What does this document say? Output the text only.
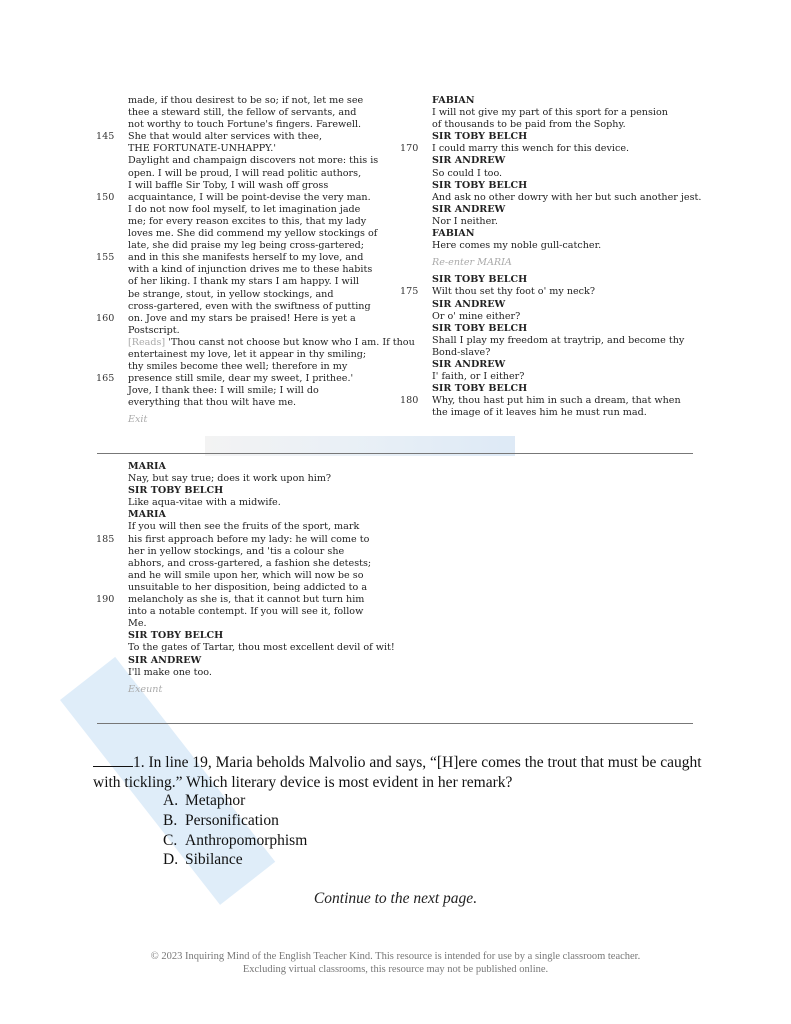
made, if thou desirest to be so; if not, let me see
thee a steward still, the fellow of servants, and
not worthy to touch Fortune's fingers. Farewell.
145 She that would alter services with thee,
THE FORTUNATE-UNHAPPY.'
Daylight and champaign discovers not more: this is
open. I will be proud, I will read politic authors,
I will baffle Sir Toby, I will wash off gross
150 acquaintance, I will be point-devise the very man.
I do not now fool myself, to let imagination jade
me; for every reason excites to this, that my lady
loves me. She did commend my yellow stockings of
late, she did praise my leg being cross-gartered;
155 and in this she manifests herself to my love, and
with a kind of injunction drives me to these habits
of her liking. I thank my stars I am happy. I will
be strange, stout, in yellow stockings, and
cross-gartered, even with the swiftness of putting
160 on. Jove and my stars be praised! Here is yet a
Postscript.
[Reads] 'Thou canst not choose but know who I am. If thou
entertainest my love, let it appear in thy smiling;
thy smiles become thee well; therefore in my
165 presence still smile, dear my sweet, I prithee.'
Jove, I thank thee: I will smile; I will do
everything that thou wilt have me.
Exit
FABIAN
I will not give my part of this sport for a pension
of thousands to be paid from the Sophy.
SIR TOBY BELCH
170 I could marry this wench for this device.
SIR ANDREW
So could I too.
SIR TOBY BELCH
And ask no other dowry with her but such another jest.
SIR ANDREW
Nor I neither.
FABIAN
Here comes my noble gull-catcher.
Re-enter MARIA
SIR TOBY BELCH
175 Wilt thou set thy foot o' my neck?
SIR ANDREW
Or o' mine either?
SIR TOBY BELCH
Shall I play my freedom at traytrip, and become thy
Bond-slave?
SIR ANDREW
I' faith, or I either?
SIR TOBY BELCH
180 Why, thou hast put him in such a dream, that when
the image of it leaves him he must run mad.
MARIA
Nay, but say true; does it work upon him?
SIR TOBY BELCH
Like aqua-vitae with a midwife.
MARIA
If you will then see the fruits of the sport, mark
185 his first approach before my lady: he will come to
her in yellow stockings, and 'tis a colour she
abhors, and cross-gartered, a fashion she detests;
and he will smile upon her, which will now be so
unsuitable to her disposition, being addicted to a
190 melancholy as she is, that it cannot but turn him
into a notable contempt. If you will see it, follow
Me.
SIR TOBY BELCH
To the gates of Tartar, thou most excellent devil of wit!
SIR ANDREW
I'll make one too.
Exeunt
1. In line 19, Maria beholds Malvolio and says, “[H]ere comes the trout that must be caught with tickling.” Which literary device is most evident in her remark?
A. Metaphor
B. Personification
C. Anthropomorphism
D. Sibilance
Continue to the next page.
© 2023 Inquiring Mind of the English Teacher Kind. This resource is intended for use by a single classroom teacher.
Excluding virtual classrooms, this resource may not be published online.
